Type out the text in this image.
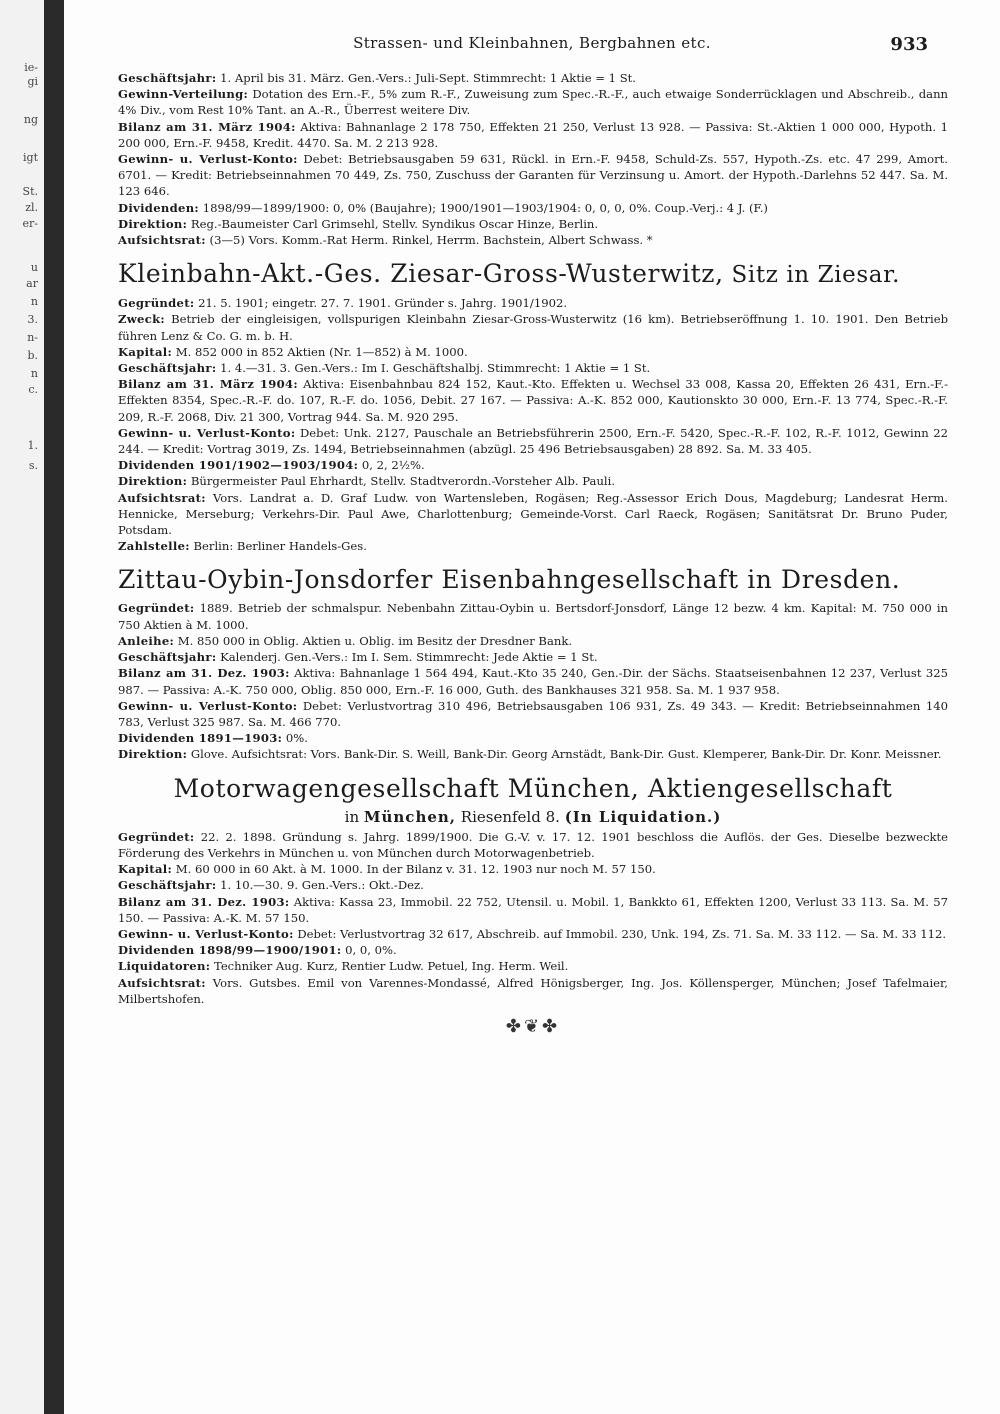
ie-
gi
ng
igt
St.
zl.
er-
u
ar
n
3.
n-
b.
n
c.
1.
s.
Strassen- und Kleinbahnen, Bergbahnen etc.	933

Geschäftsjahr: 1. April bis 31. März. Gen.-Vers.: Juli-Sept. Stimmrecht: 1 Aktie = 1 St.

Gewinn-Verteilung: Dotation des Ern.-F., 5% zum R.-F., Zuweisung zum Spec.-R.-F., auch etwaige Sonderrücklagen und Abschreib., dann 4% Div., vom Rest 10% Tant. an A.-R., Überrest weitere Div.

Bilanz am 31. März 1904: Aktiva: Bahnanlage 2 178 750, Effekten 21 250, Verlust 13 928. — Passiva: St.-Aktien 1 000 000, Hypoth. 1 200 000, Ern.-F. 9458, Kredit. 4470. Sa. M. 2 213 928.

Gewinn- u. Verlust-Konto: Debet: Betriebsausgaben 59 631, Rückl. in Ern.-F. 9458, Schuld-Zs. 557, Hypoth.-Zs. etc. 47 299, Amort. 6701. — Kredit: Betriebseinnahmen 70 449, Zs. 750, Zuschuss der Garanten für Verzinsung u. Amort. der Hypoth.-Darlehns 52 447. Sa. M. 123 646.

Dividenden: 1898/99—1899/1900: 0, 0% (Baujahre); 1900/1901—1903/1904: 0, 0, 0, 0%. Coup.-Verj.: 4 J. (F.)

Direktion: Reg.-Baumeister Carl Grimsehl, Stellv. Syndikus Oscar Hinze, Berlin.

Aufsichtsrat: (3—5) Vors. Komm.-Rat Herm. Rinkel, Herrm. Bachstein, Albert Schwass. *

Kleinbahn-Akt.-Ges. Ziesar-Gross-Wusterwitz, Sitz in Ziesar.

Gegründet: 21. 5. 1901; eingetr. 27. 7. 1901. Gründer s. Jahrg. 1901/1902.

Zweck: Betrieb der eingleisigen, vollspurigen Kleinbahn Ziesar-Gross-Wusterwitz (16 km). Betriebseröffnung 1. 10. 1901. Den Betrieb führen Lenz & Co. G. m. b. H.

Kapital: M. 852 000 in 852 Aktien (Nr. 1—852) à M. 1000.

Geschäftsjahr: 1. 4.—31. 3. Gen.-Vers.: Im I. Geschäftshalbj. Stimmrecht: 1 Aktie = 1 St.

Bilanz am 31. März 1904: Aktiva: Eisenbahnbau 824 152, Kaut.-Kto. Effekten u. Wechsel 33 008, Kassa 20, Effekten 26 431, Ern.-F.-Effekten 8354, Spec.-R.-F. do. 107, R.-F. do. 1056, Debit. 27 167. — Passiva: A.-K. 852 000, Kautionskto 30 000, Ern.-F. 13 774, Spec.-R.-F. 209, R.-F. 2068, Div. 21 300, Vortrag 944. Sa. M. 920 295.

Gewinn- u. Verlust-Konto: Debet: Unk. 2127, Pauschale an Betriebsführerin 2500, Ern.-F. 5420, Spec.-R.-F. 102, R.-F. 1012, Gewinn 22 244. — Kredit: Vortrag 3019, Zs. 1494, Betriebseinnahmen (abzügl. 25 496 Betriebsausgaben) 28 892. Sa. M. 33 405.

Dividenden 1901/1902—1903/1904: 0, 2, 2½%.

Direktion: Bürgermeister Paul Ehrhardt, Stellv. Stadtverordn.-Vorsteher Alb. Pauli.

Aufsichtsrat: Vors. Landrat a. D. Graf Ludw. von Wartensleben, Rogäsen; Reg.-Assessor Erich Dous, Magdeburg; Landesrat Herm. Hennicke, Merseburg; Verkehrs-Dir. Paul Awe, Charlottenburg; Gemeinde-Vorst. Carl Raeck, Rogäsen; Sanitätsrat Dr. Bruno Puder, Potsdam.

Zahlstelle: Berlin: Berliner Handels-Ges.

Zittau-Oybin-Jonsdorfer Eisenbahngesellschaft in Dresden.

Gegründet: 1889. Betrieb der schmalspur. Nebenbahn Zittau-Oybin u. Bertsdorf-Jonsdorf, Länge 12 bezw. 4 km. Kapital: M. 750 000 in 750 Aktien à M. 1000.

Anleihe: M. 850 000 in Oblig. Aktien u. Oblig. im Besitz der Dresdner Bank.

Geschäftsjahr: Kalenderj. Gen.-Vers.: Im I. Sem. Stimmrecht: Jede Aktie = 1 St.

Bilanz am 31. Dez. 1903: Aktiva: Bahnanlage 1 564 494, Kaut.-Kto 35 240, Gen.-Dir. der Sächs. Staatseisenbahnen 12 237, Verlust 325 987. — Passiva: A.-K. 750 000, Oblig. 850 000, Ern.-F. 16 000, Guth. des Bankhauses 321 958. Sa. M. 1 937 958.

Gewinn- u. Verlust-Konto: Debet: Verlustvortrag 310 496, Betriebsausgaben 106 931, Zs. 49 343. — Kredit: Betriebseinnahmen 140 783, Verlust 325 987. Sa. M. 466 770.

Dividenden 1891—1903: 0%.

Direktion: Glove. Aufsichtsrat: Vors. Bank-Dir. S. Weill, Bank-Dir. Georg Arnstädt, Bank-Dir. Gust. Klemperer, Bank-Dir. Dr. Konr. Meissner.

Motorwagengesellschaft München, Aktiengesellschaft
in München, Riesenfeld 8. (In Liquidation.)

Gegründet: 22. 2. 1898. Gründung s. Jahrg. 1899/1900. Die G.-V. v. 17. 12. 1901 beschloss die Auflös. der Ges. Dieselbe bezweckte Förderung des Verkehrs in München u. von München durch Motorwagenbetrieb.

Kapital: M. 60 000 in 60 Akt. à M. 1000. In der Bilanz v. 31. 12. 1903 nur noch M. 57 150.

Geschäftsjahr: 1. 10.—30. 9. Gen.-Vers.: Okt.-Dez.

Bilanz am 31. Dez. 1903: Aktiva: Kassa 23, Immobil. 22 752, Utensil. u. Mobil. 1, Bankkto 61, Effekten 1200, Verlust 33 113. Sa. M. 57 150. — Passiva: A.-K. M. 57 150.

Gewinn- u. Verlust-Konto: Debet: Verlustvortrag 32 617, Abschreib. auf Immobil. 230, Unk. 194, Zs. 71. Sa. M. 33 112. — Sa. M. 33 112.

Dividenden 1898/99—1900/1901: 0, 0, 0%.

Liquidatoren: Techniker Aug. Kurz, Rentier Ludw. Petuel, Ing. Herm. Weil.

Aufsichtsrat: Vors. Gutsbes. Emil von Varennes-Mondassé, Alfred Hönigsberger, Ing. Jos. Köllensperger, München; Josef Tafelmaier, Milbertshofen.

✤❦✤
